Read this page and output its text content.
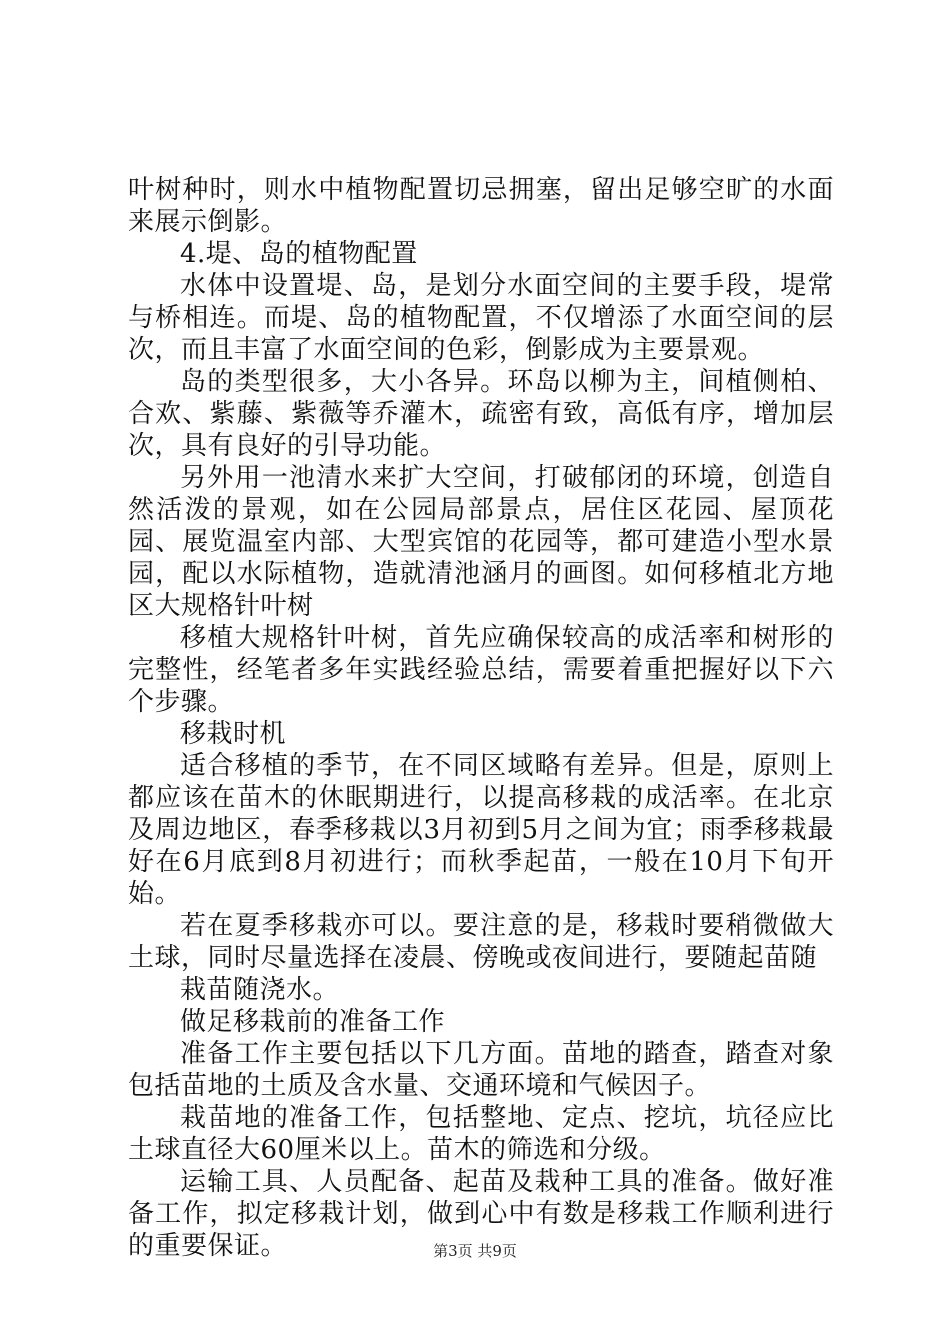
叶树种时，则水中植物配置切忌拥塞，留出足够空旷的水面来展示倒影。

4.堤、岛的植物配置

水体中设置堤、岛，是划分水面空间的主要手段，堤常与桥相连。而堤、岛的植物配置，不仅增添了水面空间的层次，而且丰富了水面空间的色彩，倒影成为主要景观。

岛的类型很多，大小各异。环岛以柳为主，间植侧柏、合欢、紫藤、紫薇等乔灌木，疏密有致，高低有序，增加层次，具有良好的引导功能。

另外用一池清水来扩大空间，打破郁闭的环境，创造自然活泼的景观，如在公园局部景点，居住区花园、屋顶花园、展览温室内部、大型宾馆的花园等，都可建造小型水景园，配以水际植物，造就清池涵月的画图。如何移植北方地区大规格针叶树

移植大规格针叶树，首先应确保较高的成活率和树形的完整性，经笔者多年实践经验总结，需要着重把握好以下六个步骤。

移栽时机

适合移植的季节，在不同区域略有差异。但是，原则上都应该在苗木的休眠期进行，以提高移栽的成活率。在北京及周边地区，春季移栽以3月初到5月之间为宜；雨季移栽最好在6月底到8月初进行；而秋季起苗，一般在10月下旬开始。

若在夏季移栽亦可以。要注意的是，移栽时要稍微做大土球，同时尽量选择在凌晨、傍晚或夜间进行，要随起苗随

栽苗随浇水。

做足移栽前的准备工作

准备工作主要包括以下几方面。苗地的踏查，踏查对象包括苗地的土质及含水量、交通环境和气候因子。

栽苗地的准备工作，包括整地、定点、挖坑，坑径应比土球直径大60厘米以上。苗木的筛选和分级。

运输工具、人员配备、起苗及栽种工具的准备。做好准备工作，拟定移栽计划，做到心中有数是移栽工作顺利进行的重要保证。	第3页 共9页
